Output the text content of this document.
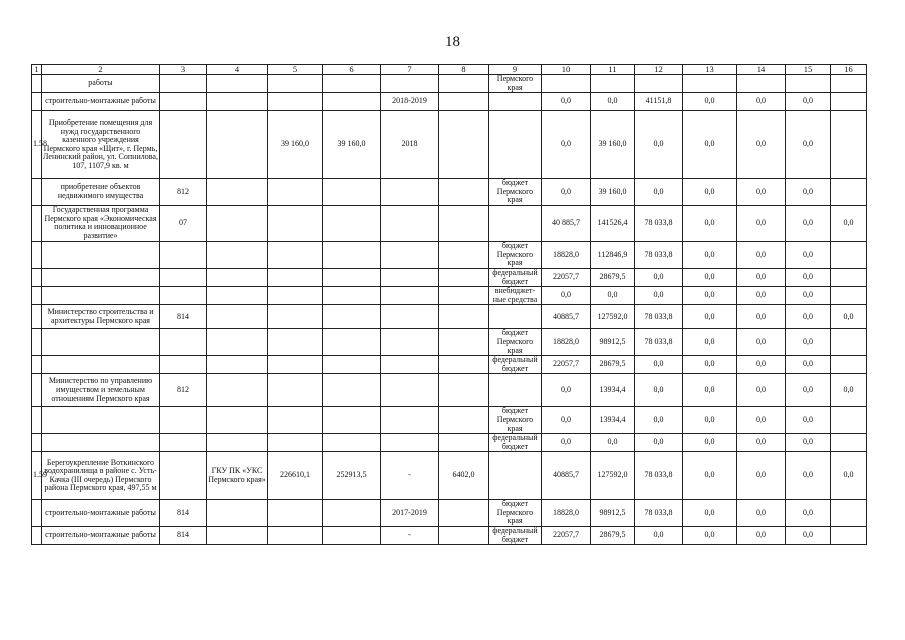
18
1	2	3	4	5	6	7	8	9	10	11	12	13	14	15	16
	работы							Пермского края							
	строительно-монтажные работы					2018-2019			0,0	0,0	41151,8	0,0	0,0	0,0	
1.58	Приобретение помещения для нужд государственного казенного учреждения Пермского края «Щит», г. Пермь, Ленинский район, ул. Сопнилова, 107, 1107,9 кв. м			39 160,0	39 160,0	2018			0,0	39 160,0	0,0	0,0	0,0	0,0	
	приобретение объектов недвижимого имущества	812						бюджет Пермского края	0,0	39 160,0	0,0	0,0	0,0	0,0	
	Государственная программа Пермского края «Экономическая политика и инновационное развитие»	07							40 885,7	141526,4	78 033,8	0,0	0,0	0,0	0,0
								бюджет Пермского края	18828,0	112846,9	78 033,8	0,0	0,0	0,0	
								федеральный бюджет	22057,7	28679,5	0,0	0,0	0,0	0,0	
								внебюджет-ные средства	0,0	0,0	0,0	0,0	0,0	0,0	
	Министерство строительства и архитектуры Пермского края	814							40885,7	127592,0	78 033,8	0,0	0,0	0,0	0,0
								бюджет Пермского края	18828,0	98912,5	78 033,8	0,0	0,0	0,0	
								федеральный бюджет	22057,7	28679,5	0,0	0,0	0,0	0,0	
	Министерство по управлению имуществом и земельным отношениям Пермского края	812							0,0	13934,4	0,0	0,0	0,0	0,0	0,0
								бюджет Пермского края	0,0	13934,4	0,0	0,0	0,0	0,0	
								федеральный бюджет	0,0	0,0	0,0	0,0	0,0	0,0	
1.59	Берегоукрепление Воткинского водохранилища в районе с. Усть-Качка (III очередь) Пермского района Пермского края, 497,55 м		ГКУ ПК «УКС Пермского края»	226610,1	252913,5	-	6402,0		40885,7	127592,0	78 033,8	0,0	0,0	0,0	0,0
	строительно-монтажные работы	814				2017-2019		бюджет Пермского края	18828,0	98912,5	78 033,8	0,0	0,0	0,0	
	строительно-монтажные работы	814				-		федеральный бюджет	22057,7	28679,5	0,0	0,0	0,0	0,0	
